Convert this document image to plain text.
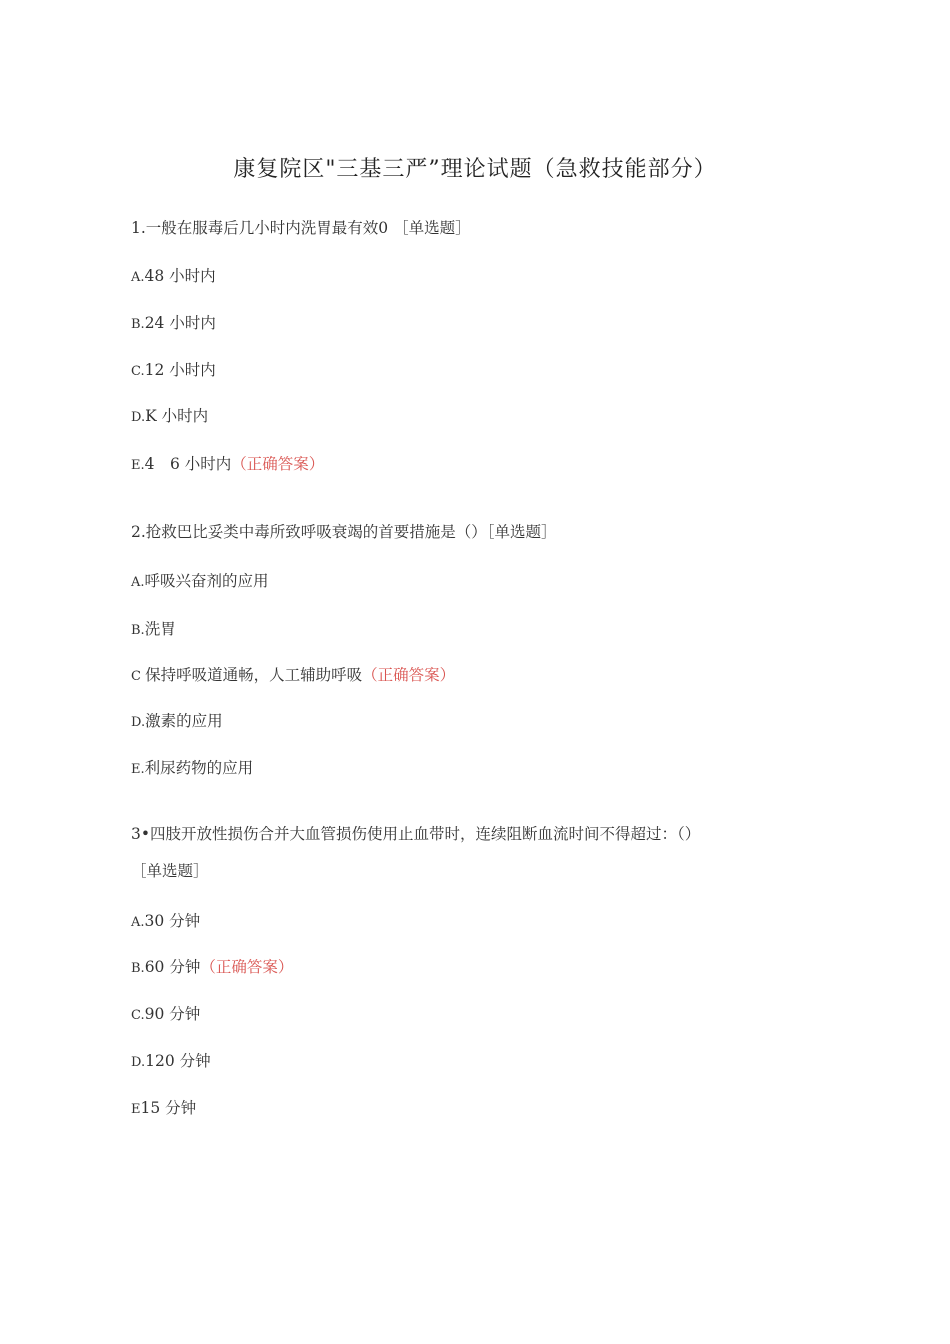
康复院区"三基三严”理论试题（急救技能部分）
1.一般在服毒后几小时内洗胃最有效0 ［单选题］
A.48 小时内
B.24 小时内
C.12 小时内
D.K 小时内
E.4　6 小时内（正确答案）
2.抢救巴比妥类中毒所致呼吸衰竭的首要措施是（）［单选题］
A.呼吸兴奋剂的应用
B.洗胃
C 保持呼吸道通畅，人工辅助呼吸（正确答案）
D.激素的应用
E.利尿药物的应用
3•四肢开放性损伤合并大血管损伤使用止血带时，连续阻断血流时间不得超过：（）
［单选题］
A.30 分钟
B.60 分钟（正确答案）
C.90 分钟
D.120 分钟
E15 分钟
